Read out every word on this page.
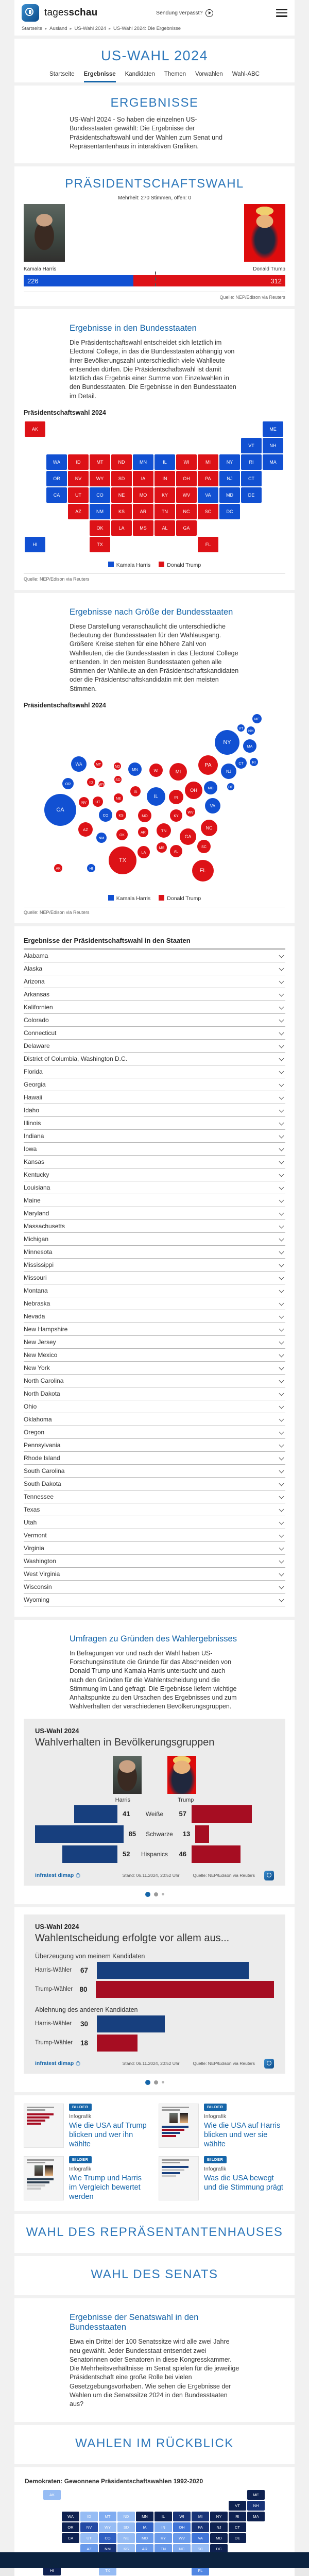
tagesschau	Sendung verpasst?
Startseite ▸ Ausland ▸ US-Wahl 2024 ▸ US-Wahl 2024: Die Ergebnisse
US-WAHL 2024
Startseite Ergebnisse Kandidaten Themen Vorwahlen Wahl-ABC
ERGEBNISSE
US-Wahl 2024 - So haben die einzelnen US-Bundesstaaten gewählt: Die Ergebnisse der Präsidentschaftswahl und der Wahlen zum Senat und Repräsentantenhaus in interaktiven Grafiken.
PRÄSIDENTSCHAFTSWAHL
Mehrheit: 270 Stimmen, offen: 0
Kamala Harris	Donald Trump
226	312
Quelle: NEP/Edison via Reuters
Ergebnisse in den Bundesstaaten
Die Präsidentschaftswahl entscheidet sich letztlich im Electoral College, in das die Bundesstaaten abhängig von ihrer Bevölkerungszahl unterschiedlich viele Wahlleute entsenden dürfen. Die Präsidentschaftswahl ist damit letztlich das Ergebnis einer Summe von Einzelwahlen in den Bundesstaaten. Die Ergebnisse in den Bundesstaaten im Detail.
Präsidentschaftswahl 2024
AL
AK
AZ	AR
CA	CO
CT
DE
DC
FL
GA
HI
ID	IL
IN
IA
KS
KY
LA
ME
MD
MA
MI
MN
MS
MO
MT
NE
NV
NH
NJ
NM
NY
NC
ND
OH
OK
OR	PA
RI
SC
SD
TN
TX
UT
VT
VA
WA
WV
WI
WY
Kamala Harris	Donald Trump
Quelle: NEP/Edison via Reuters
Ergebnisse nach Größe der Bundesstaaten
Diese Darstellung veranschaulicht die unterschiedliche Bedeutung der Bundesstaaten für den Wahlausgang. Größere Kreise stehen für eine höhere Zahl von Wahlleuten, die die Bundesstaaten in das Electoral College entsenden. In den meisten Bundesstaaten gehen alle Stimmen der Wahlleute an den Präsidentschaftskandidaten oder die Präsidentschaftskandidatin mit den meisten Stimmen.
Präsidentschaftswahl 2024
AL
AK
AZ
AR
CA
CO
CT
DE
FL
GA
HI
ID
IL	IN
IA
KS	KY
LA
ME
MD
MA
MI
MN
MS
MO
MT
NE
NV
NH
NJ
NM
NY
NC
ND
OH
OK
OR
PA	RI
SC
SD
TN
TX
UT
VT
VA
WA
WV
WI
WY
Kamala Harris	Donald Trump
Quelle: NEP/Edison via Reuters
Ergebnisse der Präsidentschaftswahl in den Staaten
Alabama
Alaska
Arizona
Arkansas
Kalifornien
Colorado
Connecticut
Delaware
District of Columbia, Washington D.C.
Florida
Georgia
Hawaii
Idaho
Illinois
Indiana
Iowa
Kansas
Kentucky
Louisiana
Maine
Maryland
Massachusetts
Michigan
Minnesota
Mississippi
Missouri
Montana
Nebraska
Nevada
New Hampshire
New Jersey
New Mexico
New York
North Carolina
North Dakota
Ohio
Oklahoma
Oregon
Pennsylvania
Rhode Island
South Carolina
South Dakota
Tennessee
Texas
Utah
Vermont
Virginia
Washington
West Virginia
Wisconsin
Wyoming
Umfragen zu Gründen des Wahlergebnisses
In Befragungen vor und nach der Wahl haben US-Forschungsinstitute die Gründe für das Abschneiden von Donald Trump und Kamala Harris untersucht und auch nach den Gründen für die Wahlentscheidung und die Stimmung im Land gefragt. Die Ergebnisse liefern wichtige Anhaltspunkte zu den Ursachen des Ergebnisses und zum Wahlverhalten der verschiedenen Bevölkerungsgruppen.
US-Wahl 2024
Wahlverhalten in Bevölkerungsgruppen
Harris	Trump
41	Weiße	57
85	Schwarze	13
52	Hispanics	46
infratest dimap	Stand: 06.11.2024, 20:52 Uhr	Quelle: NEP/Edison via Reuters
US-Wahl 2024
Wahlentscheidung erfolgte vor allem aus...
Überzeugung von meinem Kandidaten
Harris-Wähler	67
Trump-Wähler 80
Ablehnung des anderen Kandidaten
Harris-Wähler	30
Trump-Wähler	18
infratest dimap	Stand: 06.11.2024, 20:52 Uhr	Quelle: NEP/Edison via Reuters
BILDER
Infografik
Wie die USA auf Trump blicken und wer ihn wählte
BILDER
Infografik
Wie die USA auf Harris blicken und wer sie wählte
BILDER
Infografik
Wie Trump und Harris im Vergleich bewertet werden
BILDER
Infografik
Was die USA bewegt und die Stimmung prägt
WAHL DES REPRÄSENTANTENHAUSES
WAHL DES SENATS
Ergebnisse der Senatswahl in den Bundesstaaten
Etwa ein Drittel der 100 Senatssitze wird alle zwei Jahre neu gewählt. Jeder Bundesstaat entsendet zwei Senatorinnen oder Senatoren in diese Kongresskammer. Die Mehrheitsverhältnisse im Senat spielen für die jeweilige Präsidentschaft eine große Rolle bei vielen Gesetzgebungsvorhaben. Wie sehen die Ergebnisse der Wahlen um die Senatssitze 2024 in den Bundesstaaten aus?
WAHLEN IM RÜCKBLICK
Demokraten: Gewonnene Präsidentschaftswahlen 1992-2020
AK
AZ	AR
CA	CO
CT
DE
DC
FL
HI
ID	IL
IN
IA
KS
KY
ME
MD
MA
MI
MN
MO
MT
NE
NV
NH
NJ
NM
NY
NC
ND
OH
OR	PA
RI
SC
SD
TN
TX
UT
VT
VA
WA
WV
WI
WY
